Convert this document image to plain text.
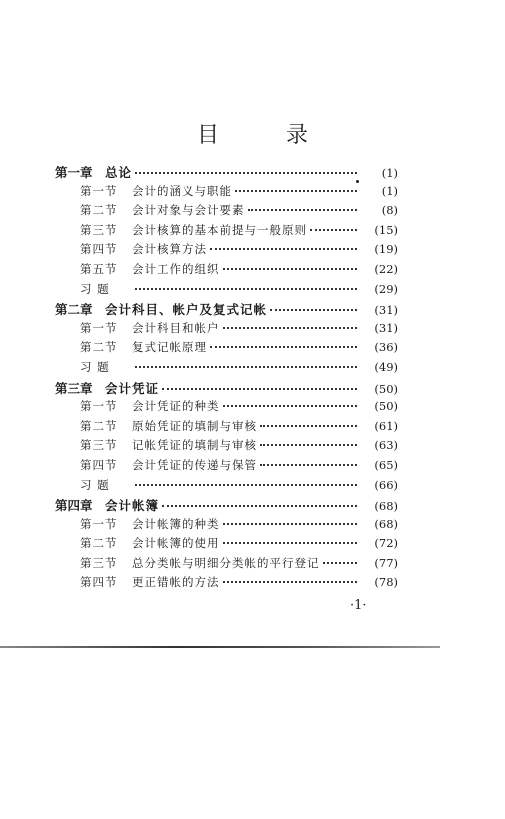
目 录
第一章 总论	(1)
第一节	会计的涵义与职能	(1)
第二节	会计对象与会计要素	(8)
第三节	会计核算的基本前提与一般原则	(15)
第四节	会计核算方法	(19)
第五节	会计工作的组织	(22)
习 题	(29)
第二章 会计科目、帐户及复式记帐	(31)
第一节	会计科目和帐户	(31)
第二节	复式记帐原理	(36)
习 题	(49)
第三章 会计凭证	(50)
第一节	会计凭证的种类	(50)
第二节	原始凭证的填制与审核	(61)
第三节	记帐凭证的填制与审核	(63)
第四节	会计凭证的传递与保管	(65)
习 题	(66)
第四章 会计帐簿	(68)
第一节	会计帐簿的种类	(68)
第二节	会计帐簿的使用	(72)
第三节	总分类帐与明细分类帐的平行登记	(77)
第四节	更正错帐的方法	(78)
·1·
